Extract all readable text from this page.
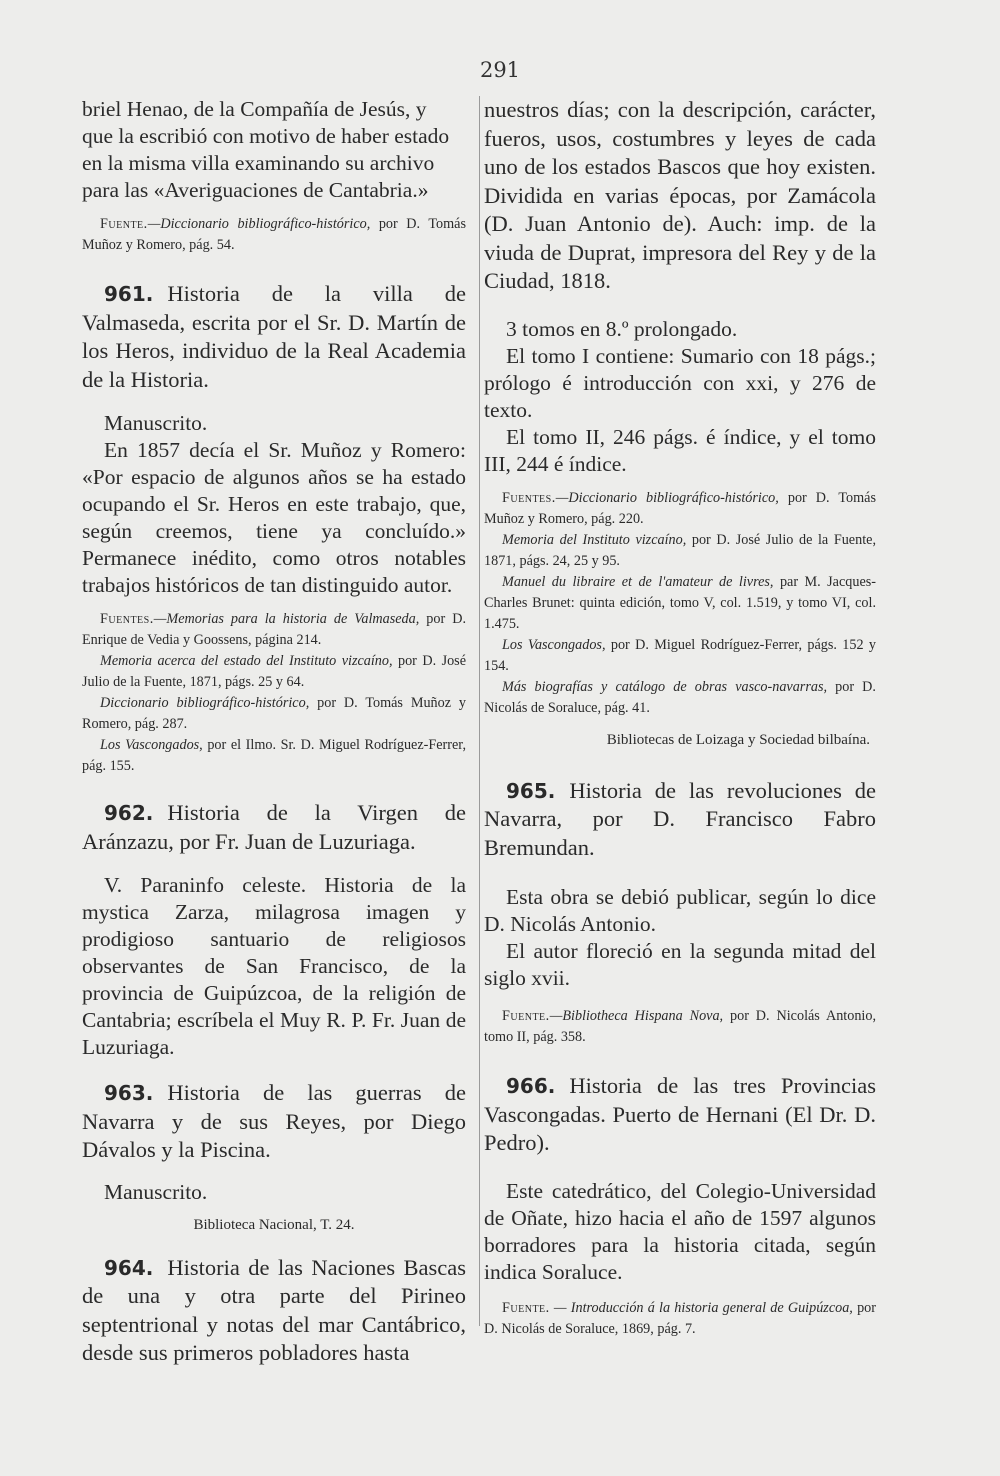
291
briel Henao, de la Compañía de Jesús, y
que la escribió con motivo de haber estado
en la misma villa examinando su archivo
para las «Averiguaciones de Cantabria.»

Fuente.—Diccionario bibliográfico-histórico, por D. Tomás Muñoz y Romero, pág. 54.

961. Historia de la villa de Valmaseda, escrita por el Sr. D. Martín de los Heros, individuo de la Real Academia de la Historia.

Manuscrito.

En 1857 decía el Sr. Muñoz y Romero: «Por espacio de algunos años se ha estado ocupando el Sr. Heros en este trabajo, que, según creemos, tiene ya concluído.» Permanece inédito, como otros notables trabajos históricos de tan distinguido autor.

Fuentes.—Memorias para la historia de Valmaseda, por D. Enrique de Vedia y Goossens, página 214.

Memoria acerca del estado del Instituto vizcaíno, por D. José Julio de la Fuente, 1871, págs. 25 y 64.

Diccionario bibliográfico-histórico, por D. Tomás Muñoz y Romero, pág. 287.

Los Vascongados, por el Ilmo. Sr. D. Miguel Rodríguez-Ferrer, pág. 155.

962. Historia de la Virgen de Aránzazu, por Fr. Juan de Luzuriaga.

V. Paraninfo celeste. Historia de la mystica Zarza, milagrosa imagen y prodigioso santuario de religiosos observantes de San Francisco, de la provincia de Guipúzcoa, de la religión de Cantabria; escríbela el Muy R. P. Fr. Juan de Luzuriaga.

963. Historia de las guerras de Navarra y de sus Reyes, por Diego Dávalos y la Piscina.

Manuscrito.

Biblioteca Nacional, T. 24.

964. Historia de las Naciones Bascas de una y otra parte del Pirineo septentrional y notas del mar Cantábrico, desde sus primeros pobladores hasta

nuestros días; con la descripción, carácter, fueros, usos, costumbres y leyes de cada uno de los estados Bascos que hoy existen. Dividida en varias épocas, por Zamácola (D. Juan Antonio de). Auch: imp. de la viuda de Duprat, impresora del Rey y de la Ciudad, 1818.

3 tomos en 8.º prolongado.

El tomo I contiene: Sumario con 18 págs.; prólogo é introducción con xxi, y 276 de texto.

El tomo II, 246 págs. é índice, y el tomo III, 244 é índice.

Fuentes.—Diccionario bibliográfico-histórico, por D. Tomás Muñoz y Romero, pág. 220.

Memoria del Instituto vizcaíno, por D. José Julio de la Fuente, 1871, págs. 24, 25 y 95.

Manuel du libraire et de l'amateur de livres, par M. Jacques-Charles Brunet: quinta edición, tomo V, col. 1.519, y tomo VI, col. 1.475.

Los Vascongados, por D. Miguel Rodríguez-Ferrer, págs. 152 y 154.

Más biografías y catálogo de obras vasco-navarras, por D. Nicolás de Soraluce, pág. 41.

Bibliotecas de Loizaga y Sociedad bilbaína.

965. Historia de las revoluciones de Navarra, por D. Francisco Fabro Bremundan.

Esta obra se debió publicar, según lo dice D. Nicolás Antonio.

El autor floreció en la segunda mitad del siglo xvii.

Fuente.—Bibliotheca Hispana Nova, por D. Nicolás Antonio, tomo II, pág. 358.

966. Historia de las tres Provincias Vascongadas. Puerto de Hernani (El Dr. D. Pedro).

Este catedrático, del Colegio-Universidad de Oñate, hizo hacia el año de 1597 algunos borradores para la historia citada, según indica Soraluce.

Fuente. — Introducción á la historia general de Guipúzcoa, por D. Nicolás de Soraluce, 1869, pág. 7.
